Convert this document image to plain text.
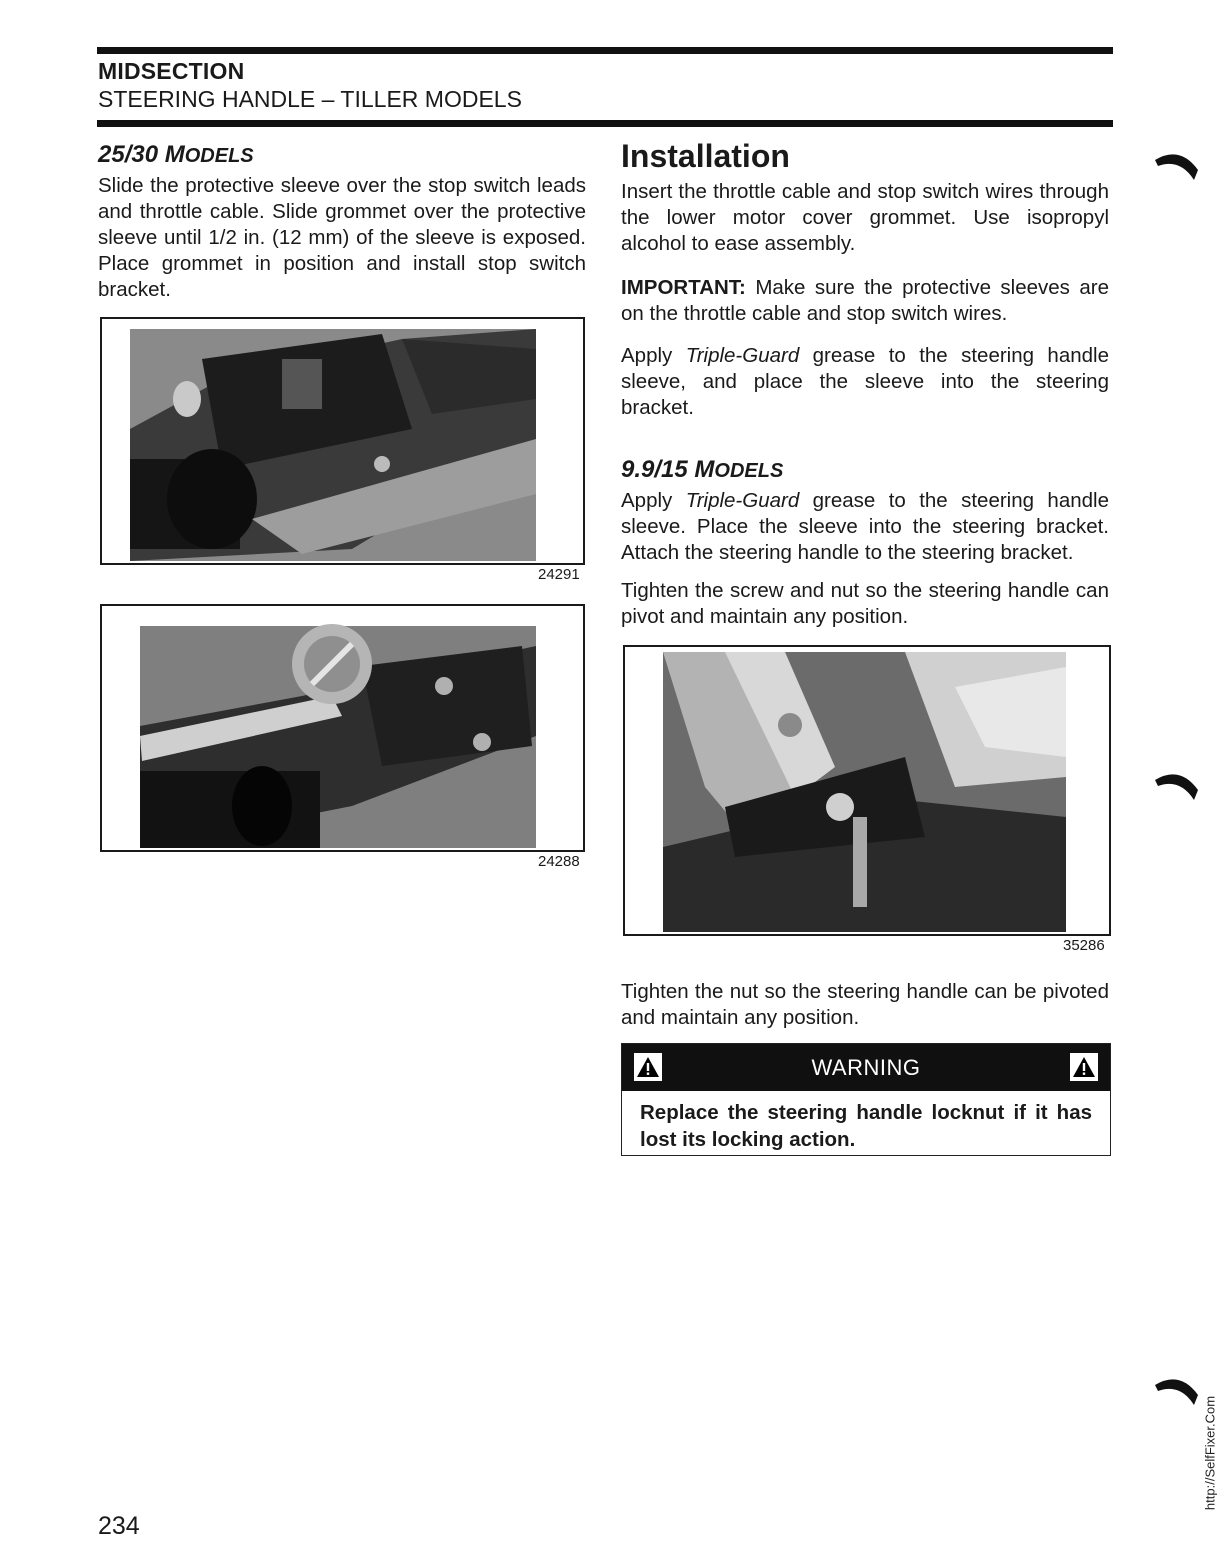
MIDSECTION
STEERING HANDLE – TILLER MODELS
25/30 MODELS

Slide the protective sleeve over the stop switch leads and throttle cable. Slide grommet over the protective sleeve until 1/2 in. (12 mm) of the sleeve is exposed. Place grommet in position and install stop switch bracket.

24291
24288
Installation

Insert the throttle cable and stop switch wires through the lower motor cover grommet. Use isopropyl alcohol to ease assembly.

IMPORTANT: Make sure the protective sleeves are on the throttle cable and stop switch wires.

Apply Triple-Guard grease to the steering handle sleeve, and place the sleeve into the steering bracket.

9.9/15 MODELS

Apply Triple-Guard grease to the steering handle sleeve. Place the sleeve into the steering bracket. Attach the steering handle to the steering bracket.

Tighten the screw and nut so the steering handle can pivot and maintain any position.

35286

Tighten the nut so the steering handle can be pivoted and maintain any position.

WARNING
Replace the steering handle locknut if it has lost its locking action.
234
http://SelfFixer.Com
